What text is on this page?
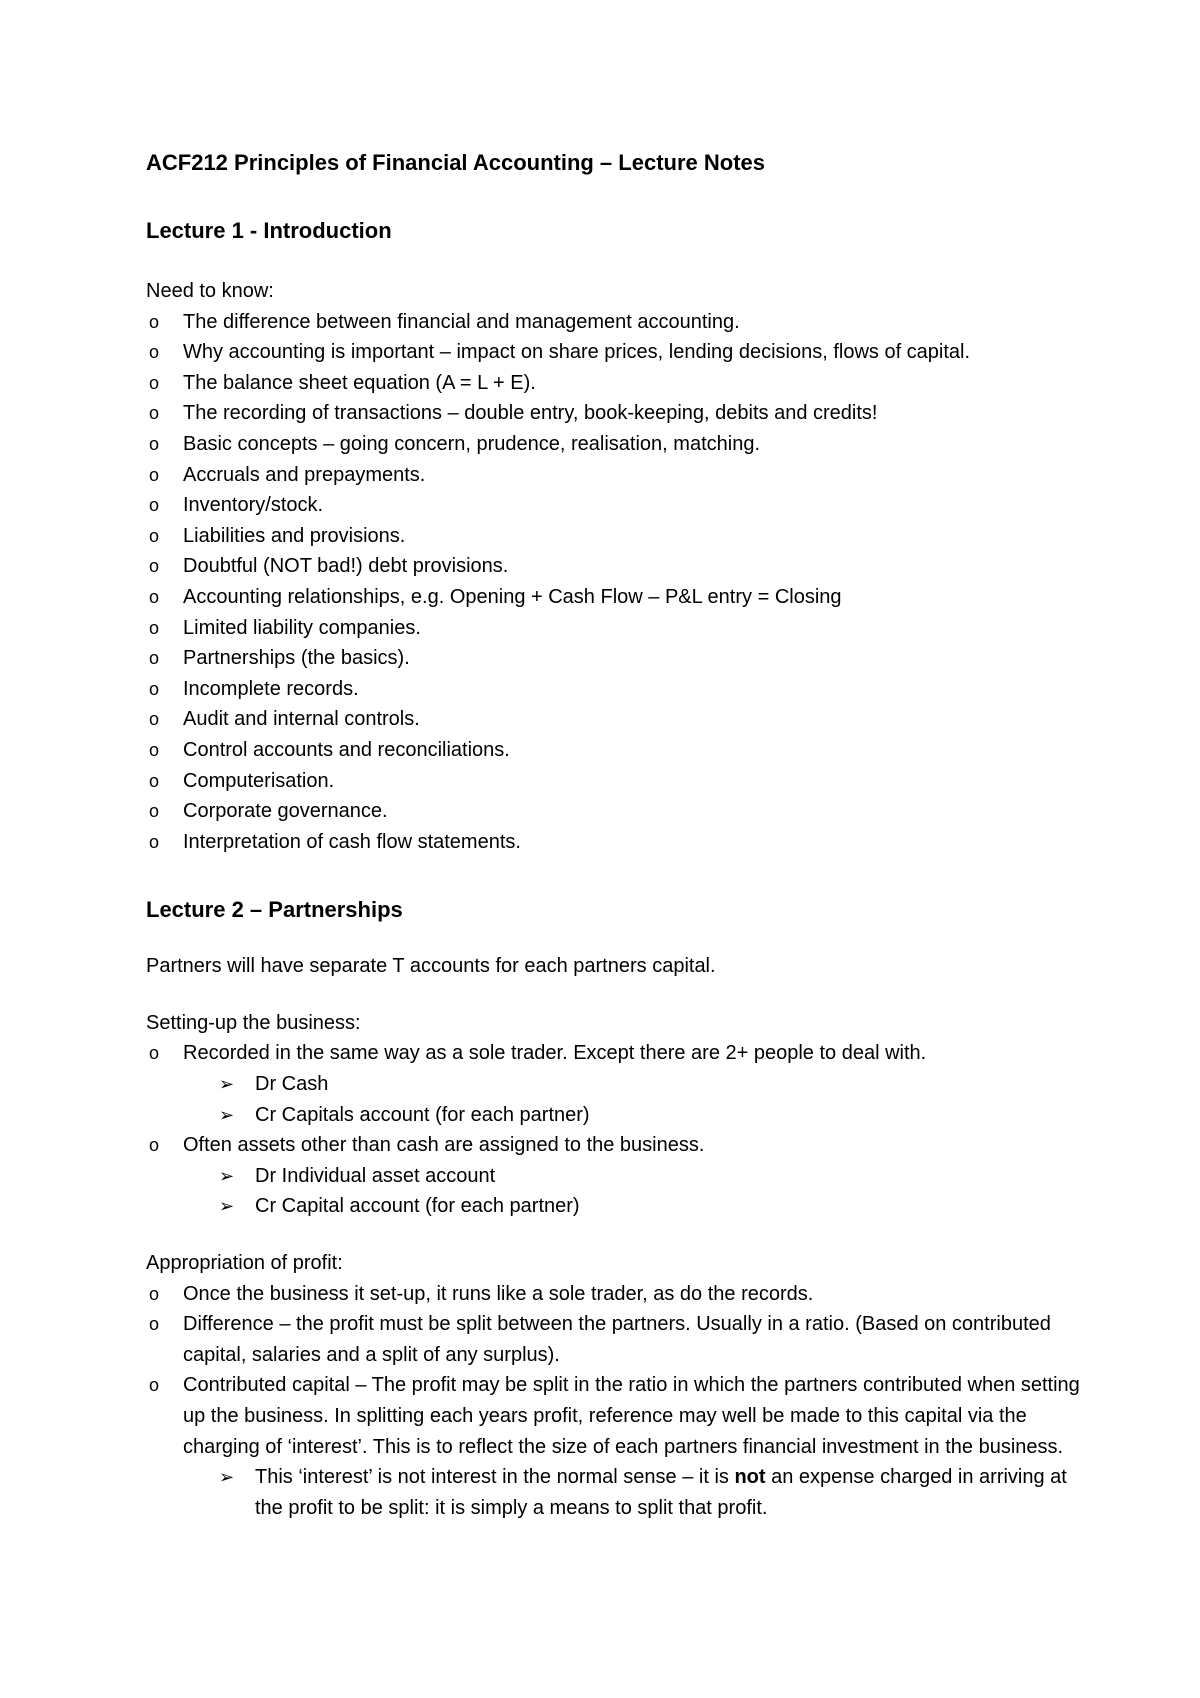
ACF212 Principles of Financial Accounting – Lecture Notes
Lecture 1 - Introduction

Need to know:

o The difference between financial and management accounting.
o Why accounting is important – impact on share prices, lending decisions, flows of capital.
o The balance sheet equation (A = L + E).
o The recording of transactions – double entry, book-keeping, debits and credits!
o Basic concepts – going concern, prudence, realisation, matching.
o Accruals and prepayments.
o Inventory/stock.
o Liabilities and provisions.
o Doubtful (NOT bad!) debt provisions.
o Accounting relationships, e.g. Opening + Cash Flow – P&L entry = Closing
o Limited liability companies.
o Partnerships (the basics).
o Incomplete records.
o Audit and internal controls.
o Control accounts and reconciliations.
o Computerisation.
o Corporate governance.
o Interpretation of cash flow statements.
Lecture 2 – Partnerships

Partners will have separate T accounts for each partners capital.

Setting-up the business:

o Recorded in the same way as a sole trader. Except there are 2+ people to deal with.
➢ Dr Cash
➢ Cr Capitals account (for each partner)
o Often assets other than cash are assigned to the business.
➢ Dr Individual asset account
➢ Cr Capital account (for each partner)

Appropriation of profit:

o Once the business it set-up, it runs like a sole trader, as do the records.
o Difference – the profit must be split between the partners. Usually in a ratio. (Based on contributed capital, salaries and a split of any surplus).
o Contributed capital – The profit may be split in the ratio in which the partners contributed when setting up the business. In splitting each years profit, reference may well be made to this capital via the charging of ‘interest’. This is to reflect the size of each partners financial investment in the business.
➢ This ‘interest’ is not interest in the normal sense – it is not an expense charged in arriving at the profit to be split: it is simply a means to split that profit.
